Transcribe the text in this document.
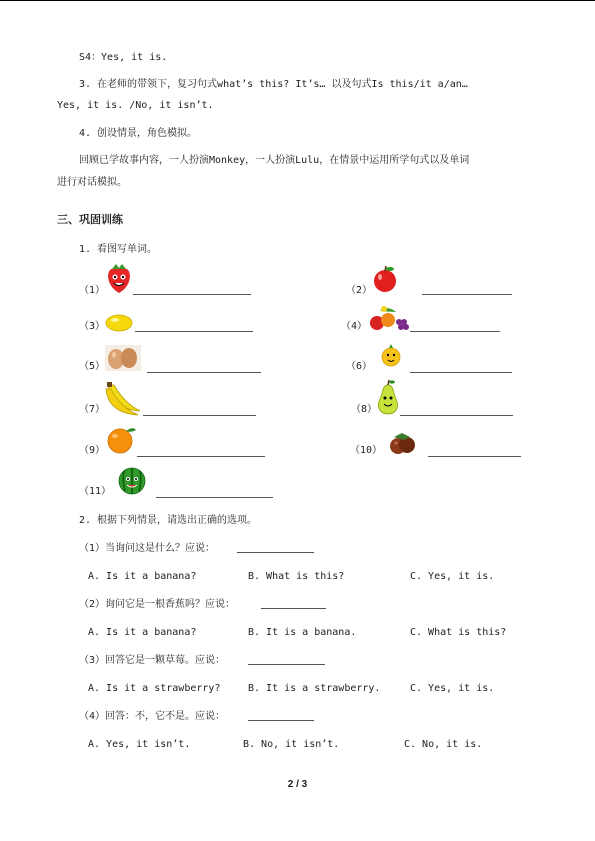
S4：Yes, it is.
3. 在老师的带领下，复习句式what’s this? It’s… 以及句式Is this/it a/an…
Yes, it is. /No, it isn’t.
4. 创设情景，角色模拟。
回顾已学故事内容，一人扮演Monkey，一人扮演Lulu，在情景中运用所学句式以及单词
进行对话模拟。
三、巩固训练
1. 看图写单词。
（1）	（2）
（3）	（4）
（5）	（6）
（7）	（8）
（9）	（10）
（11）
2. 根据下列情景，请选出正确的选项。
（1）当询问这是什么？应说：
A. Is it a banana?	B. What is this?	C. Yes, it is.
（2）询问它是一根香蕉吗？应说：
A. Is it a banana?	B. It is a banana.	C. What is this?
（3）回答它是一颗草莓。应说：
A. Is it a strawberry?	B. It is a strawberry.	C. Yes, it is.
（4）回答：不，它不是。应说：
A. Yes, it isn’t.	B. No, it isn’t.	C. No, it is.
2 / 3
